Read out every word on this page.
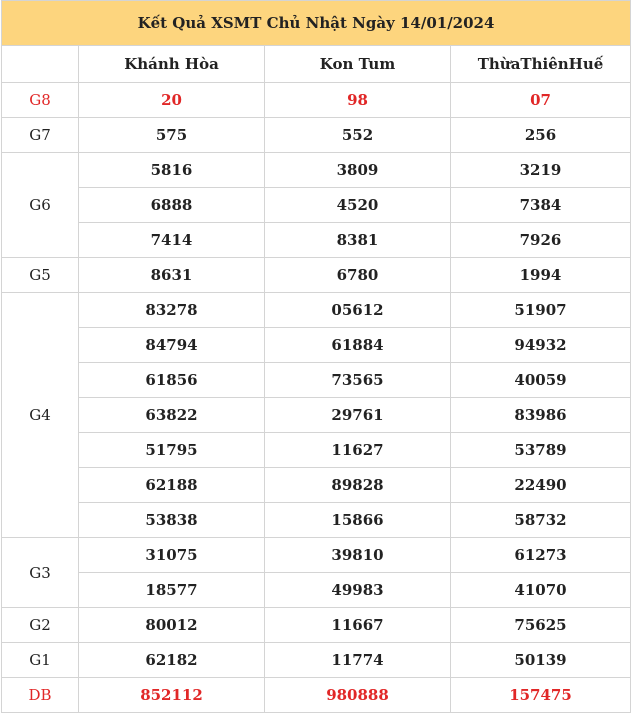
Kết Quả XSMT Chủ Nhật Ngày 14/01/2024			
	Khánh Hòa	Kon Tum	ThừaThiênHuế
G8	20	98	07
G7	575	552	256
G6	5816	3809	3219
	6888	4520	7384
	7414	8381	7926
G5	8631	6780	1994
G4	83278	05612	51907
	84794	61884	94932
	61856	73565	40059
	63822	29761	83986
	51795	11627	53789
	62188	89828	22490
	53838	15866	58732
G3	31075	39810	61273
	18577	49983	41070
G2	80012	11667	75625
G1	62182	11774	50139
DB	852112	980888	157475
